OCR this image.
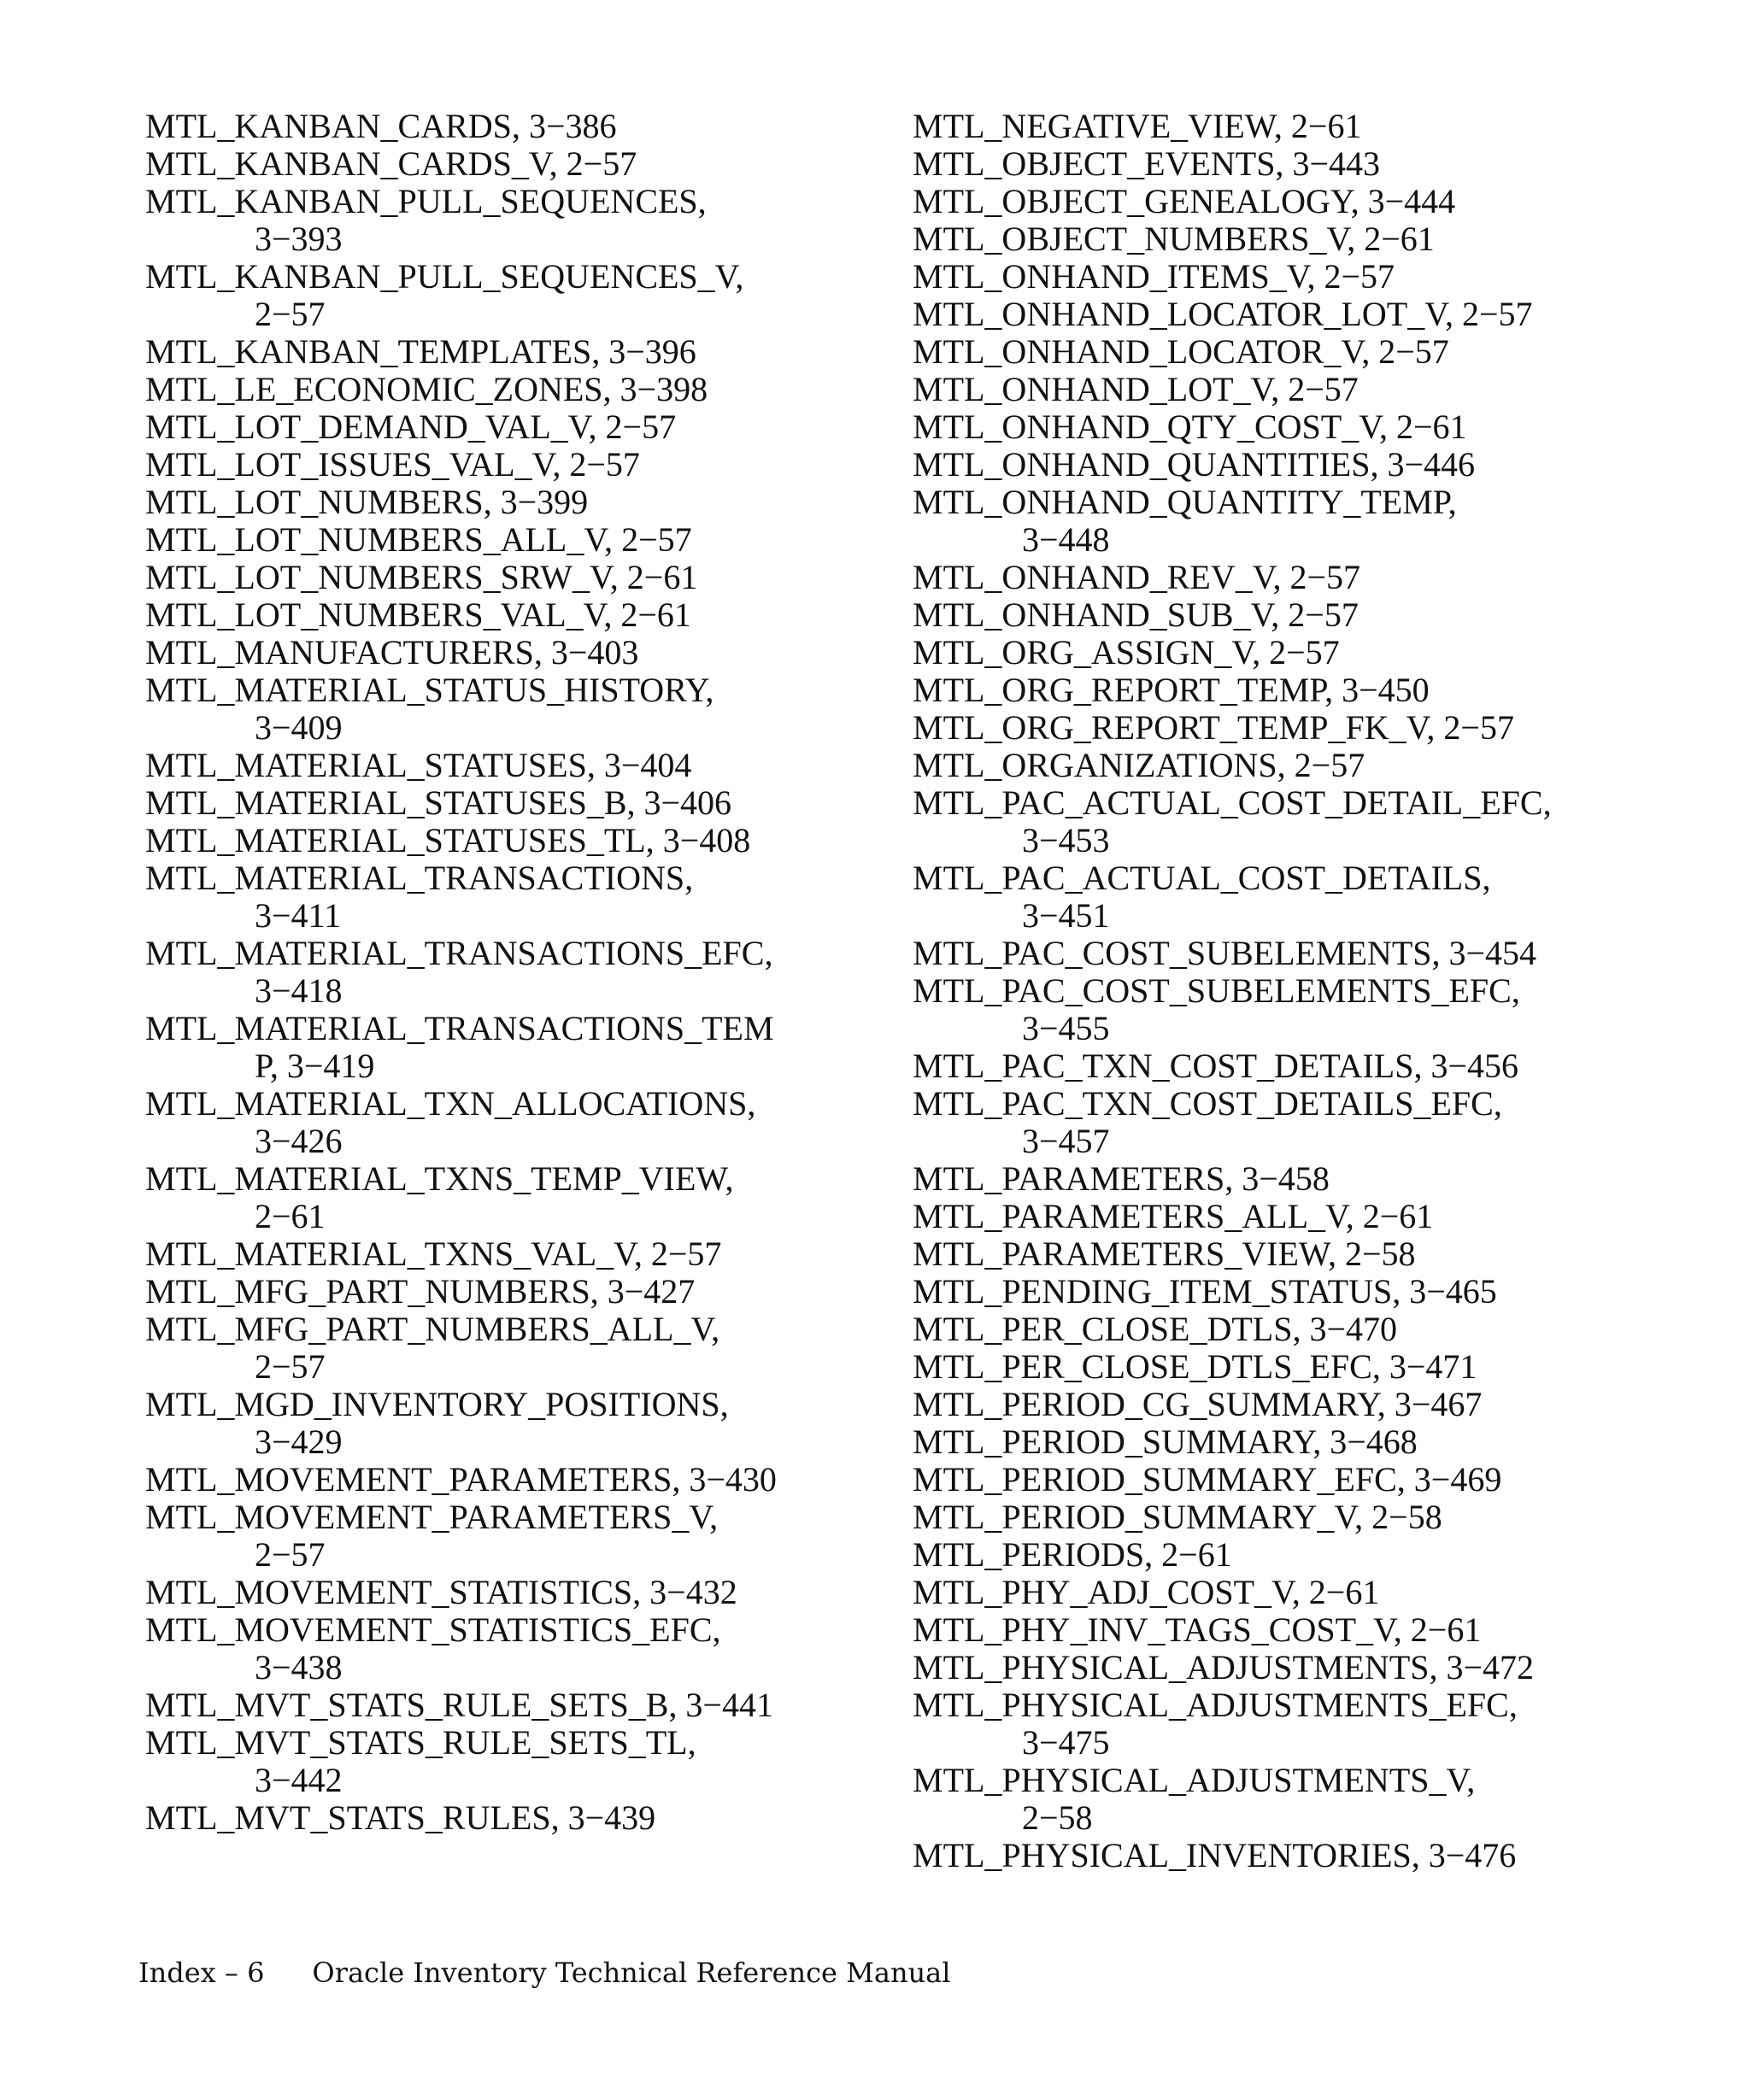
MTL_KANBAN_CARDS, 3−386
MTL_KANBAN_CARDS_V, 2−57
MTL_KANBAN_PULL_SEQUENCES,
3−393
MTL_KANBAN_PULL_SEQUENCES_V,
2−57
MTL_KANBAN_TEMPLATES, 3−396
MTL_LE_ECONOMIC_ZONES, 3−398
MTL_LOT_DEMAND_VAL_V, 2−57
MTL_LOT_ISSUES_VAL_V, 2−57
MTL_LOT_NUMBERS, 3−399
MTL_LOT_NUMBERS_ALL_V, 2−57
MTL_LOT_NUMBERS_SRW_V, 2−61
MTL_LOT_NUMBERS_VAL_V, 2−61
MTL_MANUFACTURERS, 3−403
MTL_MATERIAL_STATUS_HISTORY,
3−409
MTL_MATERIAL_STATUSES, 3−404
MTL_MATERIAL_STATUSES_B, 3−406
MTL_MATERIAL_STATUSES_TL, 3−408
MTL_MATERIAL_TRANSACTIONS,
3−411
MTL_MATERIAL_TRANSACTIONS_EFC,
3−418
MTL_MATERIAL_TRANSACTIONS_TEM
P, 3−419
MTL_MATERIAL_TXN_ALLOCATIONS,
3−426
MTL_MATERIAL_TXNS_TEMP_VIEW,
2−61
MTL_MATERIAL_TXNS_VAL_V, 2−57
MTL_MFG_PART_NUMBERS, 3−427
MTL_MFG_PART_NUMBERS_ALL_V,
2−57
MTL_MGD_INVENTORY_POSITIONS,
3−429
MTL_MOVEMENT_PARAMETERS, 3−430
MTL_MOVEMENT_PARAMETERS_V,
2−57
MTL_MOVEMENT_STATISTICS, 3−432
MTL_MOVEMENT_STATISTICS_EFC,
3−438
MTL_MVT_STATS_RULE_SETS_B, 3−441
MTL_MVT_STATS_RULE_SETS_TL,
3−442
MTL_MVT_STATS_RULES, 3−439
MTL_NEGATIVE_VIEW, 2−61
MTL_OBJECT_EVENTS, 3−443
MTL_OBJECT_GENEALOGY, 3−444
MTL_OBJECT_NUMBERS_V, 2−61
MTL_ONHAND_ITEMS_V, 2−57
MTL_ONHAND_LOCATOR_LOT_V, 2−57
MTL_ONHAND_LOCATOR_V, 2−57
MTL_ONHAND_LOT_V, 2−57
MTL_ONHAND_QTY_COST_V, 2−61
MTL_ONHAND_QUANTITIES, 3−446
MTL_ONHAND_QUANTITY_TEMP,
3−448
MTL_ONHAND_REV_V, 2−57
MTL_ONHAND_SUB_V, 2−57
MTL_ORG_ASSIGN_V, 2−57
MTL_ORG_REPORT_TEMP, 3−450
MTL_ORG_REPORT_TEMP_FK_V, 2−57
MTL_ORGANIZATIONS, 2−57
MTL_PAC_ACTUAL_COST_DETAIL_EFC,
3−453
MTL_PAC_ACTUAL_COST_DETAILS,
3−451
MTL_PAC_COST_SUBELEMENTS, 3−454
MTL_PAC_COST_SUBELEMENTS_EFC,
3−455
MTL_PAC_TXN_COST_DETAILS, 3−456
MTL_PAC_TXN_COST_DETAILS_EFC,
3−457
MTL_PARAMETERS, 3−458
MTL_PARAMETERS_ALL_V, 2−61
MTL_PARAMETERS_VIEW, 2−58
MTL_PENDING_ITEM_STATUS, 3−465
MTL_PER_CLOSE_DTLS, 3−470
MTL_PER_CLOSE_DTLS_EFC, 3−471
MTL_PERIOD_CG_SUMMARY, 3−467
MTL_PERIOD_SUMMARY, 3−468
MTL_PERIOD_SUMMARY_EFC, 3−469
MTL_PERIOD_SUMMARY_V, 2−58
MTL_PERIODS, 2−61
MTL_PHY_ADJ_COST_V, 2−61
MTL_PHY_INV_TAGS_COST_V, 2−61
MTL_PHYSICAL_ADJUSTMENTS, 3−472
MTL_PHYSICAL_ADJUSTMENTS_EFC,
3−475
MTL_PHYSICAL_ADJUSTMENTS_V,
2−58
MTL_PHYSICAL_INVENTORIES, 3−476
Index – 6 Oracle Inventory Technical Reference Manual
